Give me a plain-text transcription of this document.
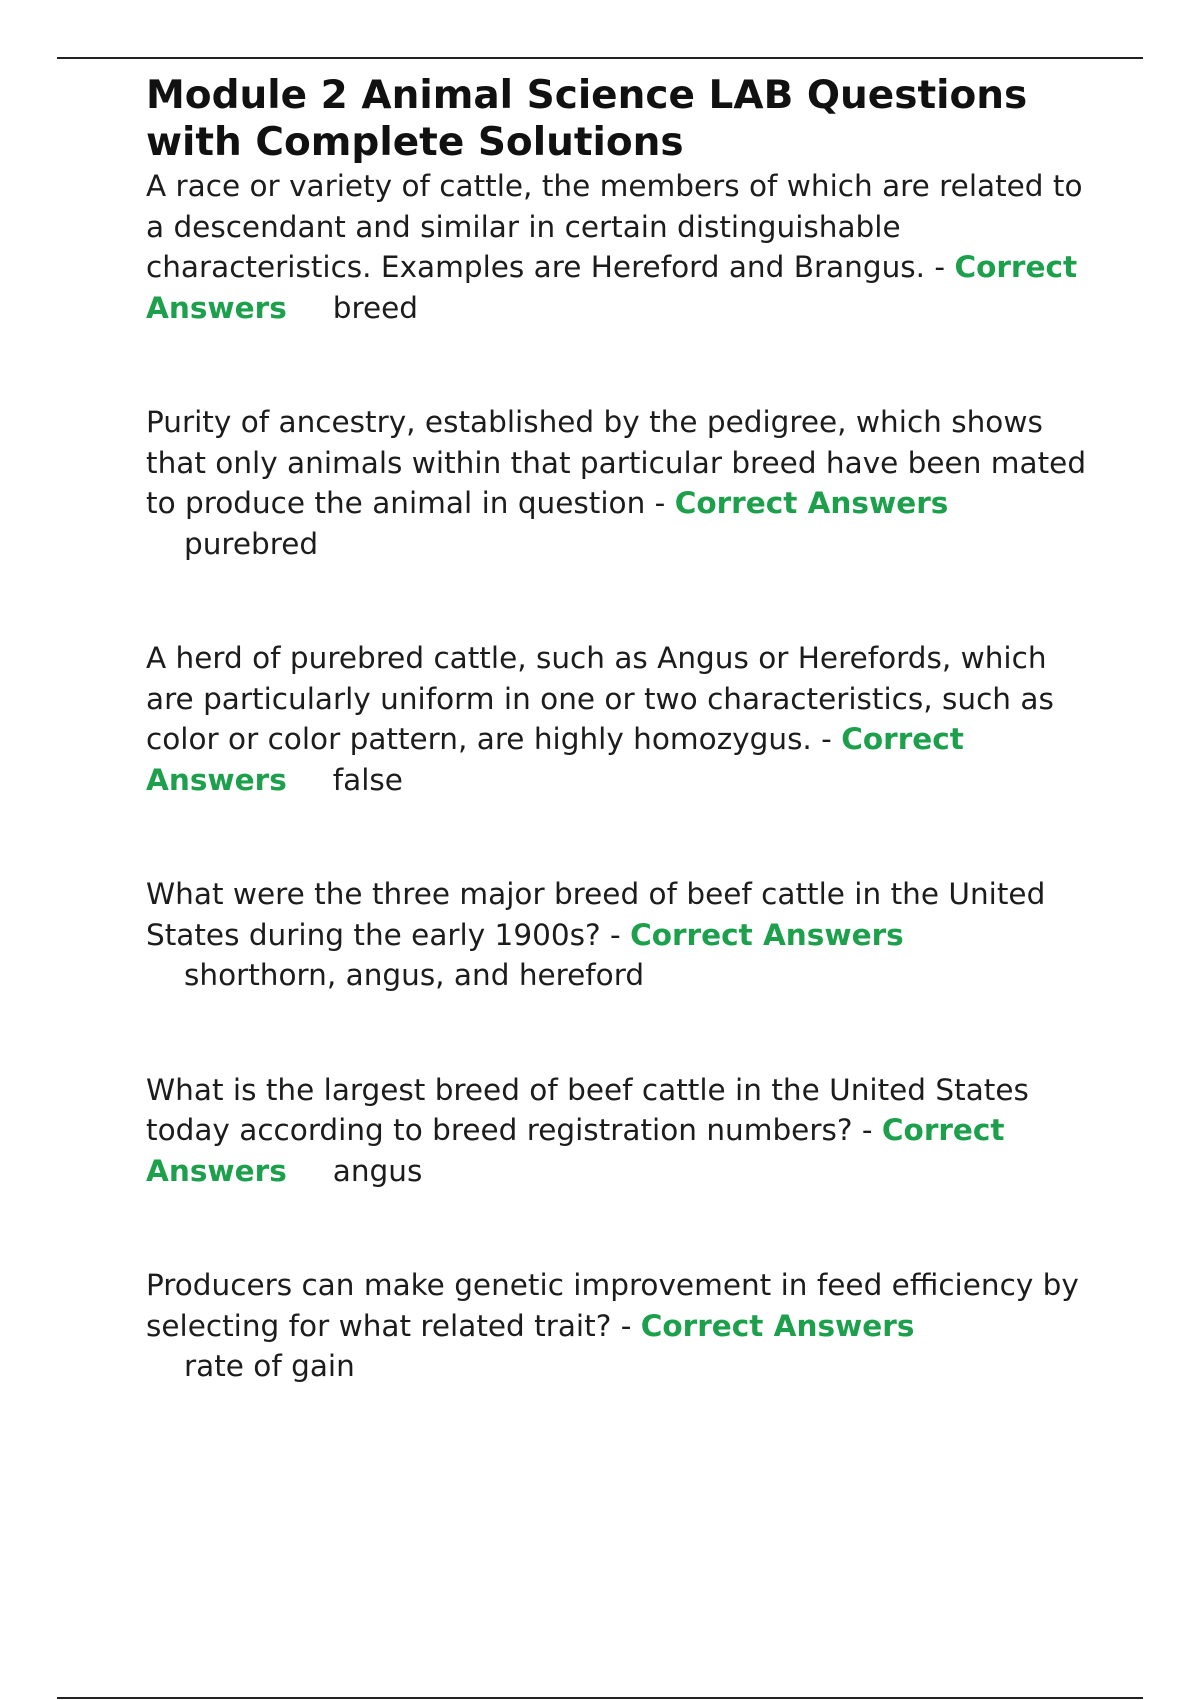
Module 2 Animal Science LAB Questions with Complete Solutions

A race or variety of cattle, the members of which are related to a descendant and similar in certain distinguishable characteristics. Examples are Hereford and Brangus. - Correct Answers breed

Purity of ancestry, established by the pedigree, which shows that only animals within that particular breed have been mated to produce the animal in question - Correct Answers
purebred

A herd of purebred cattle, such as Angus or Herefords, which are particularly uniform in one or two characteristics, such as color or color pattern, are highly homozygus. - Correct Answers false

What were the three major breed of beef cattle in the United States during the early 1900s? - Correct Answers
shorthorn, angus, and hereford

What is the largest breed of beef cattle in the United States today according to breed registration numbers? - Correct Answers angus

Producers can make genetic improvement in feed efficiency by selecting for what related trait? - Correct Answers
rate of gain
